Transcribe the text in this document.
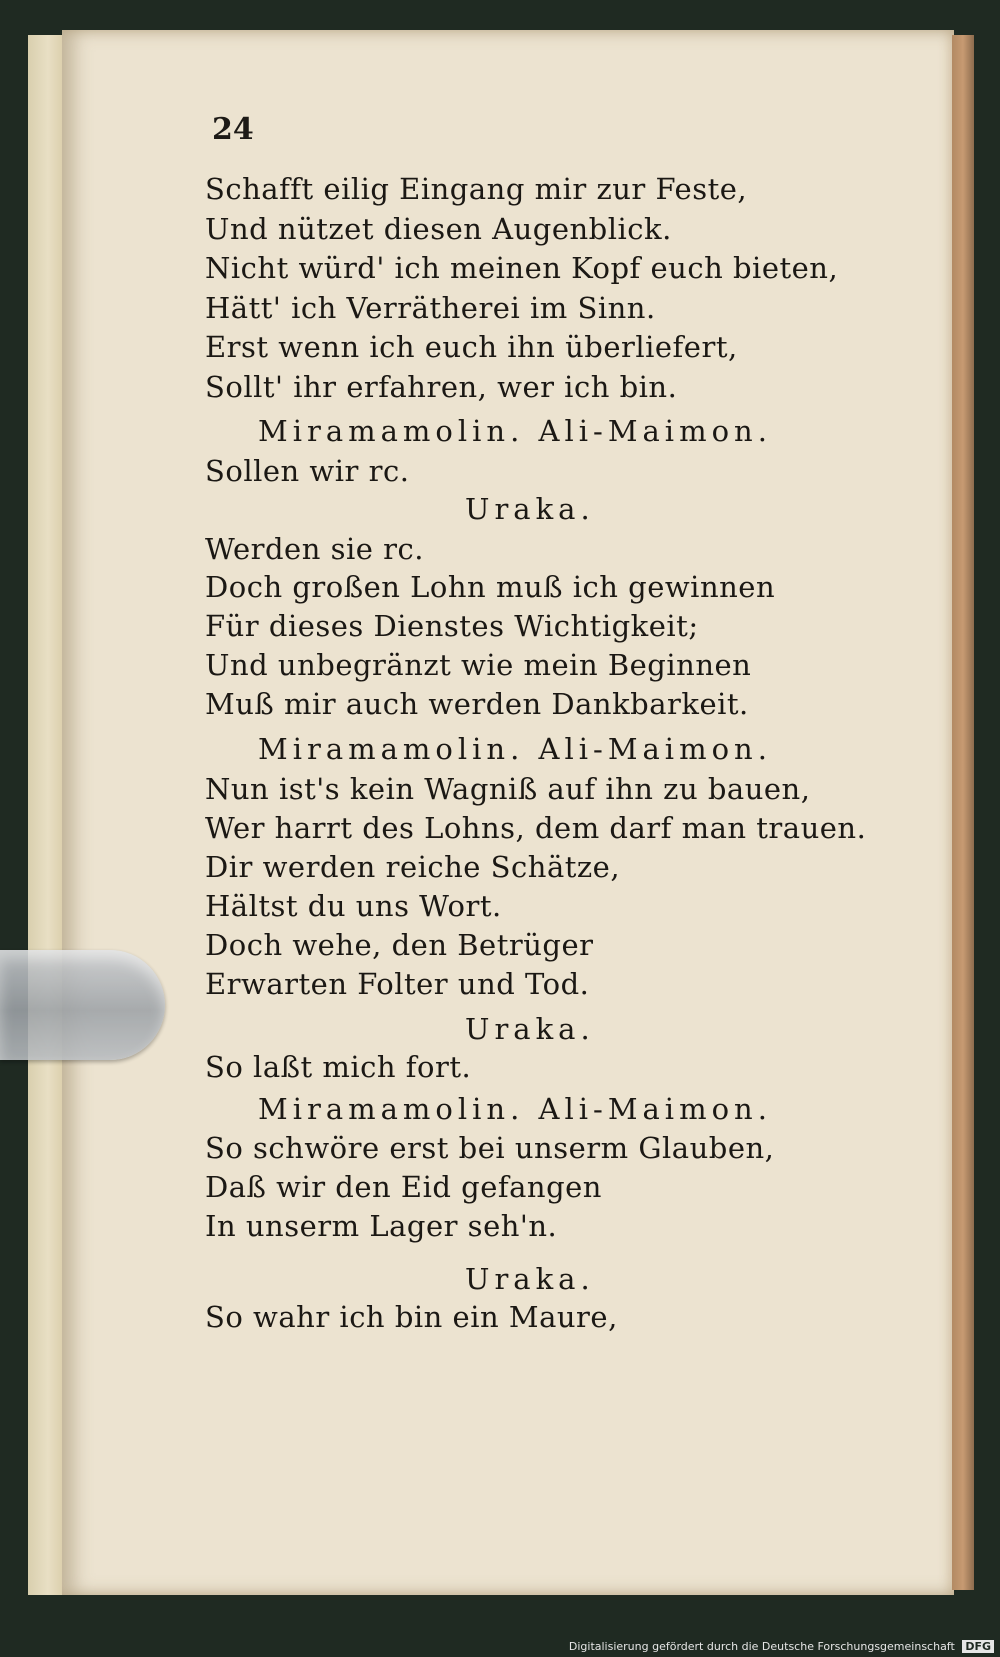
24
Schafft eilig Eingang mir zur Feste,
Und nützet diesen Augenblick.
Nicht würd' ich meinen Kopf euch bieten,
Hätt' ich Verrätherei im Sinn.
Erst wenn ich euch ihn überliefert,
Sollt' ihr erfahren, wer ich bin.
Miramamolin. Ali-Maimon.
Sollen wir rc.
Uraka.
Werden sie rc.
Doch großen Lohn muß ich gewinnen
Für dieses Dienstes Wichtigkeit;
Und unbegränzt wie mein Beginnen
Muß mir auch werden Dankbarkeit.
Miramamolin. Ali-Maimon.
Nun ist's kein Wagniß auf ihn zu bauen,
Wer harrt des Lohns, dem darf man trauen.
Dir werden reiche Schätze,
Hältst du uns Wort.
Doch wehe, den Betrüger
Erwarten Folter und Tod.
Uraka.
So laßt mich fort.
Miramamolin. Ali-Maimon.
So schwöre erst bei unserm Glauben,
Daß wir den Eid gefangen
In unserm Lager seh'n.
Uraka.
So wahr ich bin ein Maure,
Digitalisierung gefördert durch die Deutsche Forschungsgemeinschaft DFG
